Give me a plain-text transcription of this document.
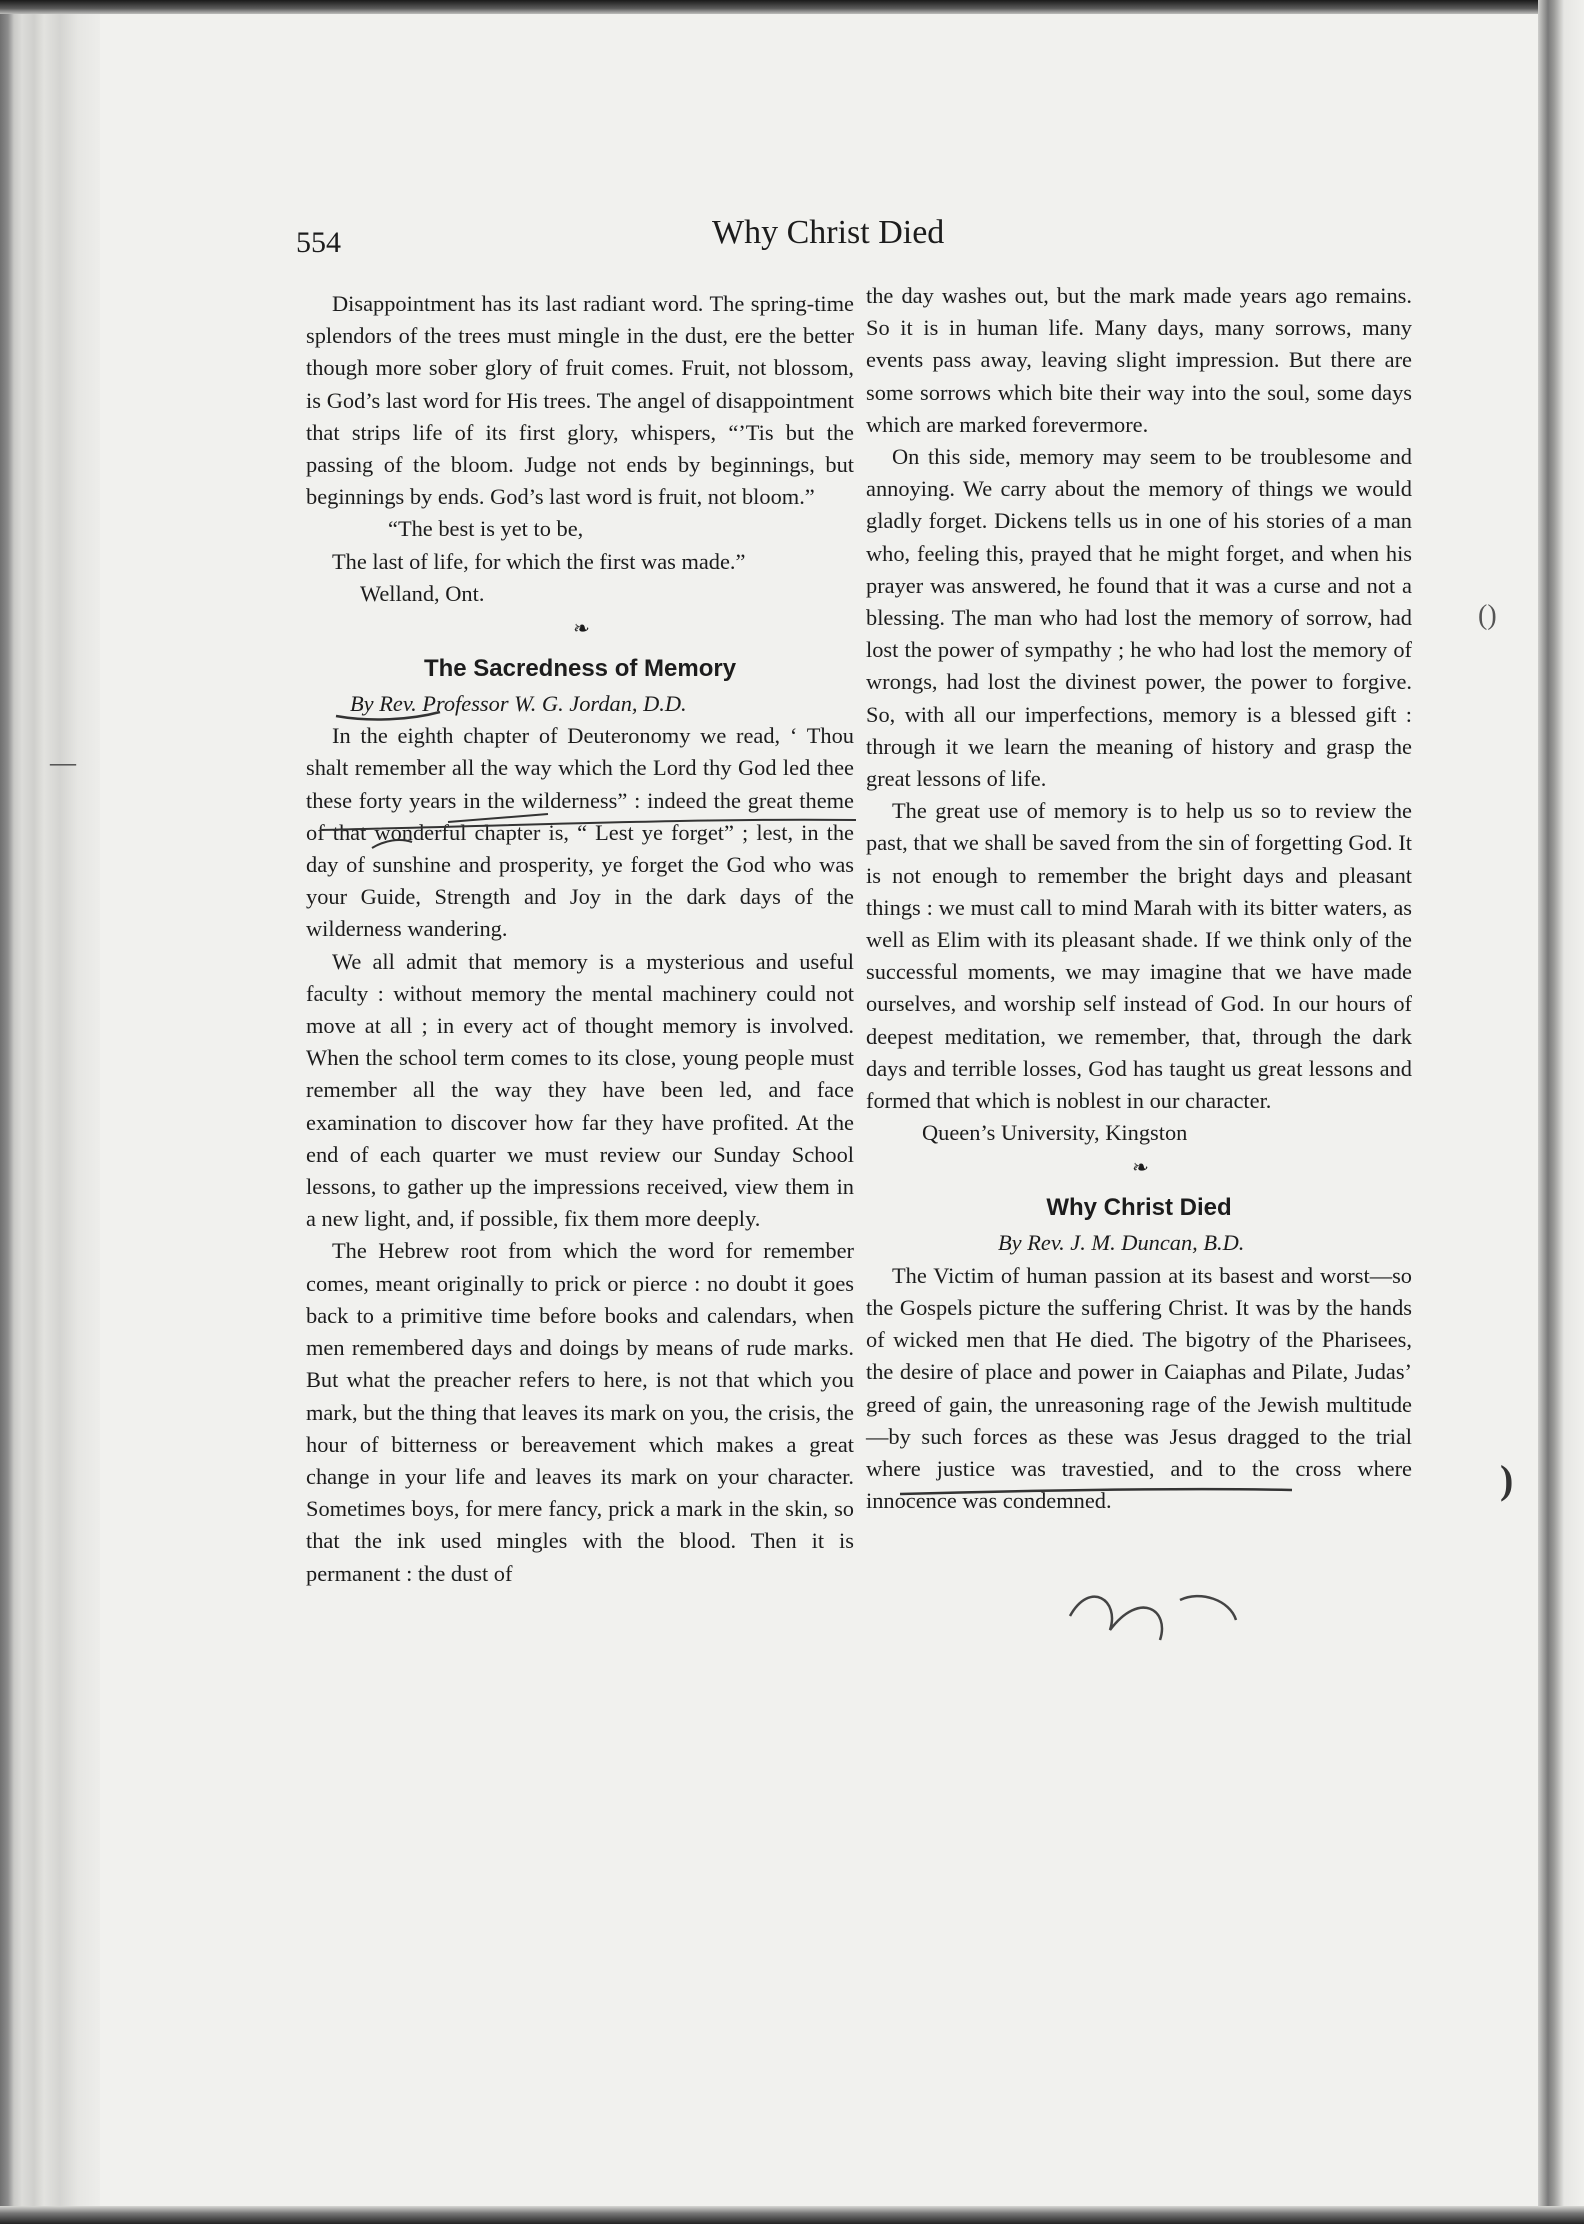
554	Why Christ Died

Disappointment has its last radiant word. The spring-time splendors of the trees must mingle in the dust, ere the better though more sober glory of fruit comes. Fruit, not blossom, is God’s last word for His trees. The angel of disappointment that strips life of its first glory, whispers, “’Tis but the passing of the bloom. Judge not ends by beginnings, but beginnings by ends. God’s last word is fruit, not bloom.”

“The best is yet to be,

The last of life, for which the first was made.”

Welland, Ont.

❧
The Sacredness of Memory

By Rev. Professor W. G. Jordan, D.D.

In the eighth chapter of Deuteronomy we read, ‘ Thou shalt remember all the way which the Lord thy God led thee these forty years in the wilderness” : indeed the great theme of that wonderful chapter is, “ Lest ye forget” ; lest, in the day of sunshine and prosperity, ye forget the God who was your Guide, Strength and Joy in the dark days of the wilderness wandering.

We all admit that memory is a mysterious and useful faculty : without memory the mental machinery could not move at all ; in every act of thought memory is involved. When the school term comes to its close, young people must remember all the way they have been led, and face examination to discover how far they have profited. At the end of each quarter we must review our Sunday School lessons, to gather up the impressions received, view them in a new light, and, if possible, fix them more deeply.

The Hebrew root from which the word for remember comes, meant originally to prick or pierce : no doubt it goes back to a primitive time before books and calendars, when men remembered days and doings by means of rude marks. But what the preacher refers to here, is not that which you mark, but the thing that leaves its mark on you, the crisis, the hour of bitterness or bereavement which makes a great change in your life and leaves its mark on your character. Sometimes boys, for mere fancy, prick a mark in the skin, so that the ink used mingles with the blood. Then it is permanent : the dust of

the day washes out, but the mark made years ago remains. So it is in human life. Many days, many sorrows, many events pass away, leaving slight impression. But there are some sorrows which bite their way into the soul, some days which are marked forevermore.

On this side, memory may seem to be troublesome and annoying. We carry about the memory of things we would gladly forget. Dickens tells us in one of his stories of a man who, feeling this, prayed that he might forget, and when his prayer was answered, he found that it was a curse and not a blessing. The man who had lost the memory of sorrow, had lost the power of sympathy ; he who had lost the memory of wrongs, had lost the divinest power, the power to forgive. So, with all our imperfections, memory is a blessed gift : through it we learn the meaning of history and grasp the great lessons of life.

The great use of memory is to help us so to review the past, that we shall be saved from the sin of forgetting God. It is not enough to remember the bright days and pleasant things : we must call to mind Marah with its bitter waters, as well as Elim with its pleasant shade. If we think only of the successful moments, we may imagine that we have made ourselves, and worship self instead of God. In our hours of deepest meditation, we remember, that, through the dark days and terrible losses, God has taught us great lessons and formed that which is noblest in our character.

Queen’s University, Kingston

❧
Why Christ Died

By Rev. J. M. Duncan, B.D.

The Victim of human passion at its basest and worst—so the Gospels picture the suffering Christ. It was by the hands of wicked men that He died. The bigotry of the Pharisees, the desire of place and power in Caiaphas and Pilate, Judas’ greed of gain, the unreasoning rage of the Jewish multitude—by such forces as these was Jesus dragged to the trial where justice was travestied, and to the cross where innocence was condemned.

()
)
—
